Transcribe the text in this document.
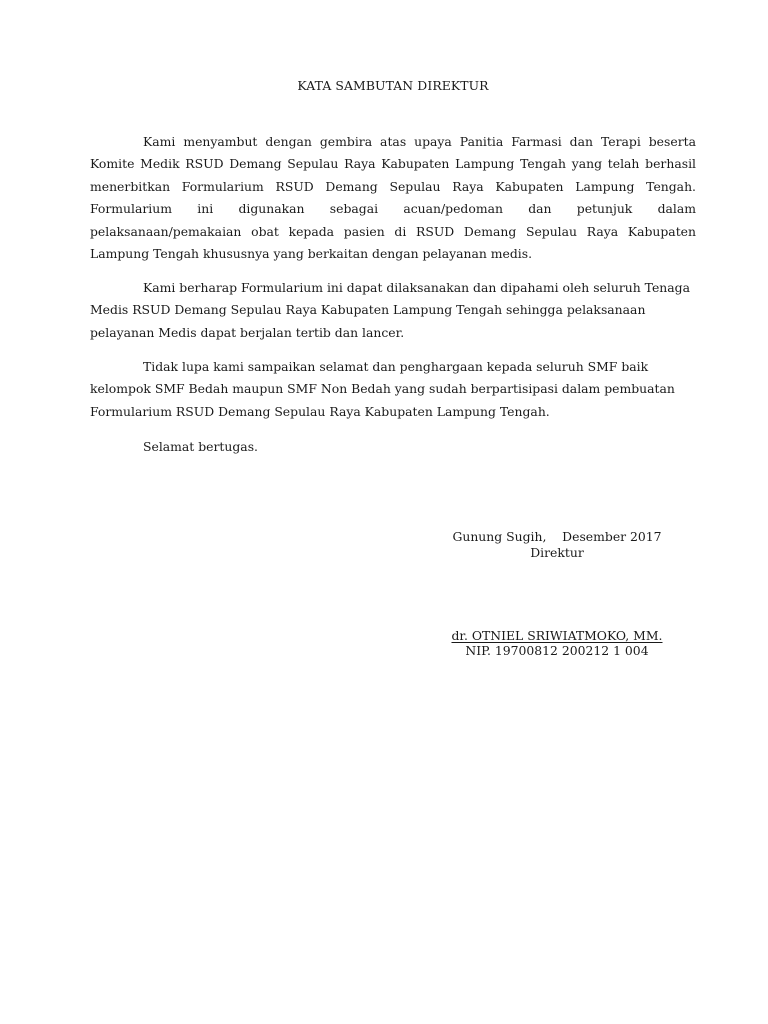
KATA SAMBUTAN DIREKTUR

Kami menyambut dengan gembira atas upaya Panitia Farmasi dan Terapi beserta Komite Medik RSUD Demang Sepulau Raya Kabupaten Lampung Tengah yang telah berhasil menerbitkan Formularium RSUD Demang Sepulau Raya Kabupaten Lampung Tengah. Formularium ini digunakan sebagai acuan/pedoman dan petunjuk dalam pelaksanaan/pemakaian obat kepada pasien di RSUD Demang Sepulau Raya Kabupaten Lampung Tengah khususnya yang berkaitan dengan pelayanan medis.

Kami berharap Formularium ini dapat dilaksanakan dan dipahami oleh seluruh Tenaga Medis RSUD Demang Sepulau Raya Kabupaten Lampung Tengah sehingga pelaksanaan pelayanan Medis dapat berjalan tertib dan lancer.

Tidak lupa kami sampaikan selamat dan penghargaan kepada seluruh SMF baik kelompok SMF Bedah maupun SMF Non Bedah yang sudah berpartisipasi dalam pembuatan Formularium RSUD Demang Sepulau Raya Kabupaten Lampung Tengah.

Selamat bertugas.

Gunung Sugih,    Desember 2017
Direktur
dr. OTNIEL SRIWIATMOKO, MM.
NIP. 19700812 200212 1 004
